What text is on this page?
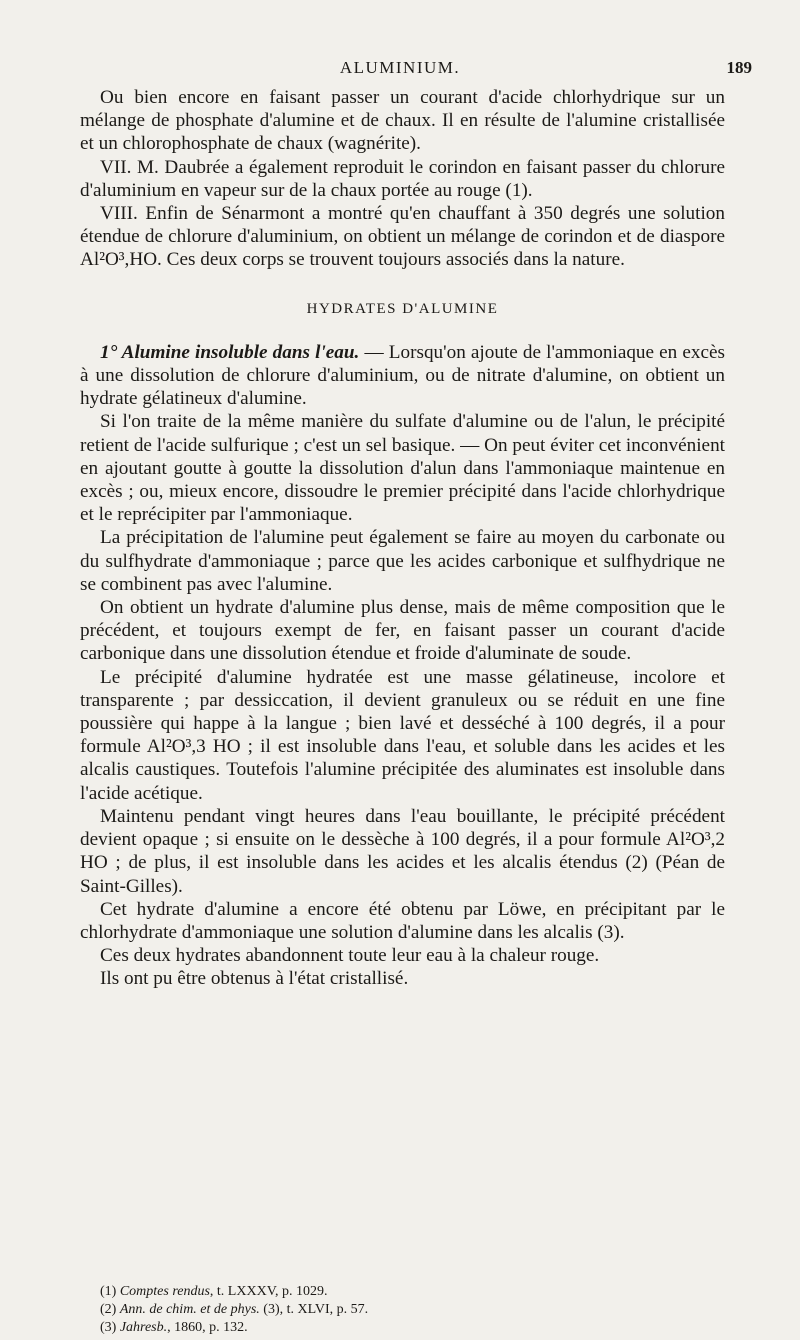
ALUMINIUM.	189

Ou bien encore en faisant passer un courant d'acide chlorhydrique sur un mélange de phosphate d'alumine et de chaux. Il en résulte de l'alumine cristallisée et un chlorophosphate de chaux (wagnérite).

VII. M. Daubrée a également reproduit le corindon en faisant passer du chlorure d'aluminium en vapeur sur de la chaux portée au rouge (1).

VIII. Enfin de Sénarmont a montré qu'en chauffant à 350 degrés une solution étendue de chlorure d'aluminium, on obtient un mélange de corindon et de diaspore Al²O³,HO. Ces deux corps se trouvent toujours associés dans la nature.

HYDRATES D'ALUMINE

1° Alumine insoluble dans l'eau. — Lorsqu'on ajoute de l'ammoniaque en excès à une dissolution de chlorure d'aluminium, ou de nitrate d'alumine, on obtient un hydrate gélatineux d'alumine.

Si l'on traite de la même manière du sulfate d'alumine ou de l'alun, le précipité retient de l'acide sulfurique ; c'est un sel basique. — On peut éviter cet inconvénient en ajoutant goutte à goutte la dissolution d'alun dans l'ammoniaque maintenue en excès ; ou, mieux encore, dissoudre le premier précipité dans l'acide chlorhydrique et le reprécipiter par l'ammoniaque.

La précipitation de l'alumine peut également se faire au moyen du carbonate ou du sulfhydrate d'ammoniaque ; parce que les acides carbonique et sulfhydrique ne se combinent pas avec l'alumine.

On obtient un hydrate d'alumine plus dense, mais de même composition que le précédent, et toujours exempt de fer, en faisant passer un courant d'acide carbonique dans une dissolution étendue et froide d'aluminate de soude.

Le précipité d'alumine hydratée est une masse gélatineuse, incolore et transparente ; par dessiccation, il devient granuleux ou se réduit en une fine poussière qui happe à la langue ; bien lavé et desséché à 100 degrés, il a pour formule Al²O³,3 HO ; il est insoluble dans l'eau, et soluble dans les acides et les alcalis caustiques. Toutefois l'alumine précipitée des aluminates est insoluble dans l'acide acétique.

Maintenu pendant vingt heures dans l'eau bouillante, le précipité précédent devient opaque ; si ensuite on le dessèche à 100 degrés, il a pour formule Al²O³,2 HO ; de plus, il est insoluble dans les acides et les alcalis étendus (2) (Péan de Saint-Gilles).

Cet hydrate d'alumine a encore été obtenu par Löwe, en précipitant par le chlorhydrate d'ammoniaque une solution d'alumine dans les alcalis (3).

Ces deux hydrates abandonnent toute leur eau à la chaleur rouge.

Ils ont pu être obtenus à l'état cristallisé.

(1) Comptes rendus, t. LXXXV, p. 1029.
(2) Ann. de chim. et de phys. (3), t. XLVI, p. 57.
(3) Jahresb., 1860, p. 132.
